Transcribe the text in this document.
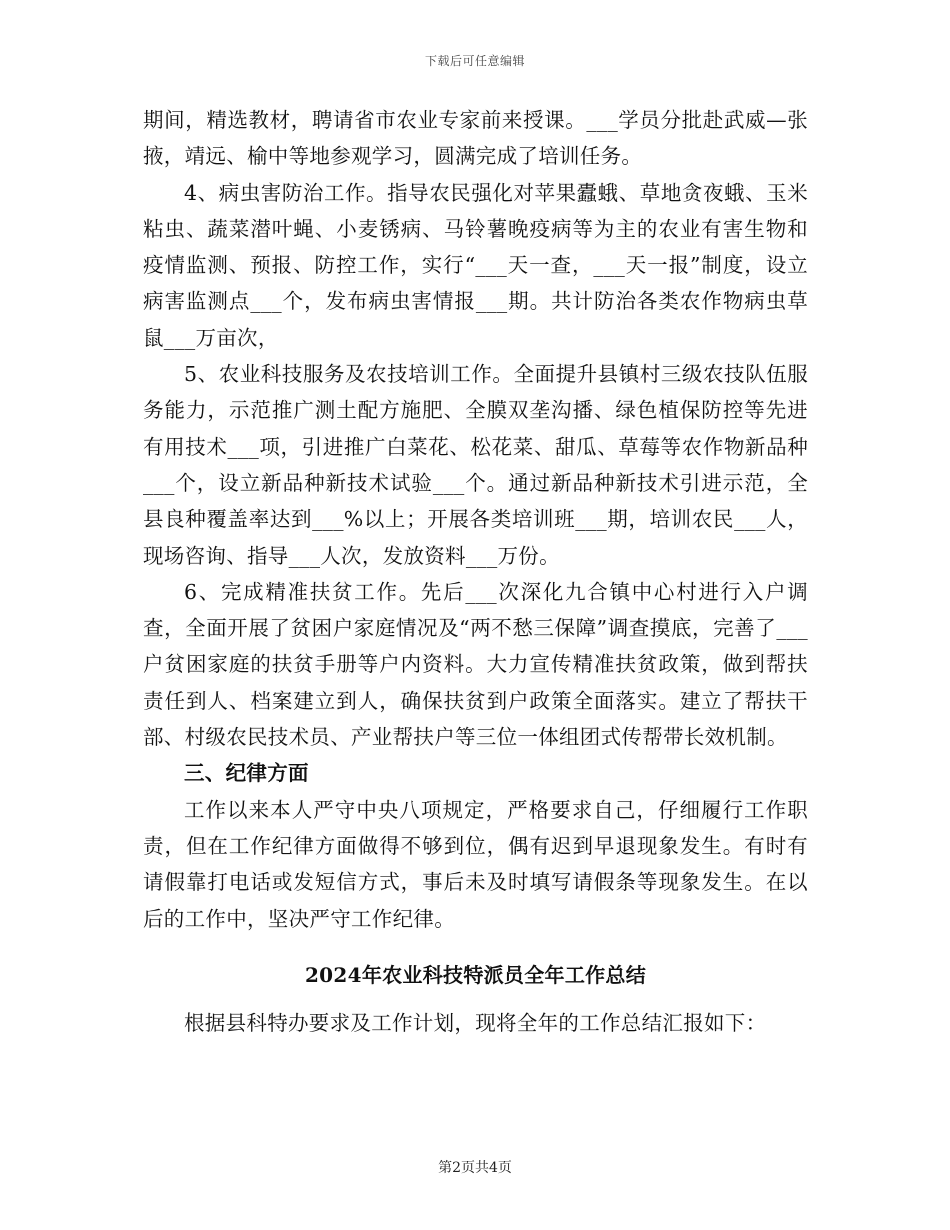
下载后可任意编辑

期间，精选教材，聘请省市农业专家前来授课。___学员分批赴武威—张掖，靖远、榆中等地参观学习，圆满完成了培训任务。

4、病虫害防治工作。指导农民强化对苹果蠹蛾、草地贪夜蛾、玉米粘虫、蔬菜潜叶蝇、小麦锈病、马铃薯晚疫病等为主的农业有害生物和疫情监测、预报、防控工作，实行“___天一查，___天一报”制度，设立病害监测点___个，发布病虫害情报___期。共计防治各类农作物病虫草鼠___万亩次，

5、农业科技服务及农技培训工作。全面提升县镇村三级农技队伍服务能力，示范推广测土配方施肥、全膜双垄沟播、绿色植保防控等先进有用技术___项，引进推广白菜花、松花菜、甜瓜、草莓等农作物新品种___个，设立新品种新技术试验___个。通过新品种新技术引进示范，全县良种覆盖率达到___%以上；开展各类培训班___期，培训农民___人，现场咨询、指导___人次，发放资料___万份。

6、完成精准扶贫工作。先后___次深化九合镇中心村进行入户调查，全面开展了贫困户家庭情况及“两不愁三保障”调查摸底，完善了___户贫困家庭的扶贫手册等户内资料。大力宣传精准扶贫政策，做到帮扶责任到人、档案建立到人，确保扶贫到户政策全面落实。建立了帮扶干部、村级农民技术员、产业帮扶户等三位一体组团式传帮带长效机制。

三、纪律方面

工作以来本人严守中央八项规定，严格要求自己，仔细履行工作职责，但在工作纪律方面做得不够到位，偶有迟到早退现象发生。有时有请假靠打电话或发短信方式，事后未及时填写请假条等现象发生。在以后的工作中，坚决严守工作纪律。

2024年农业科技特派员全年工作总结

根据县科特办要求及工作计划，现将全年的工作总结汇报如下：

第2页共4页
